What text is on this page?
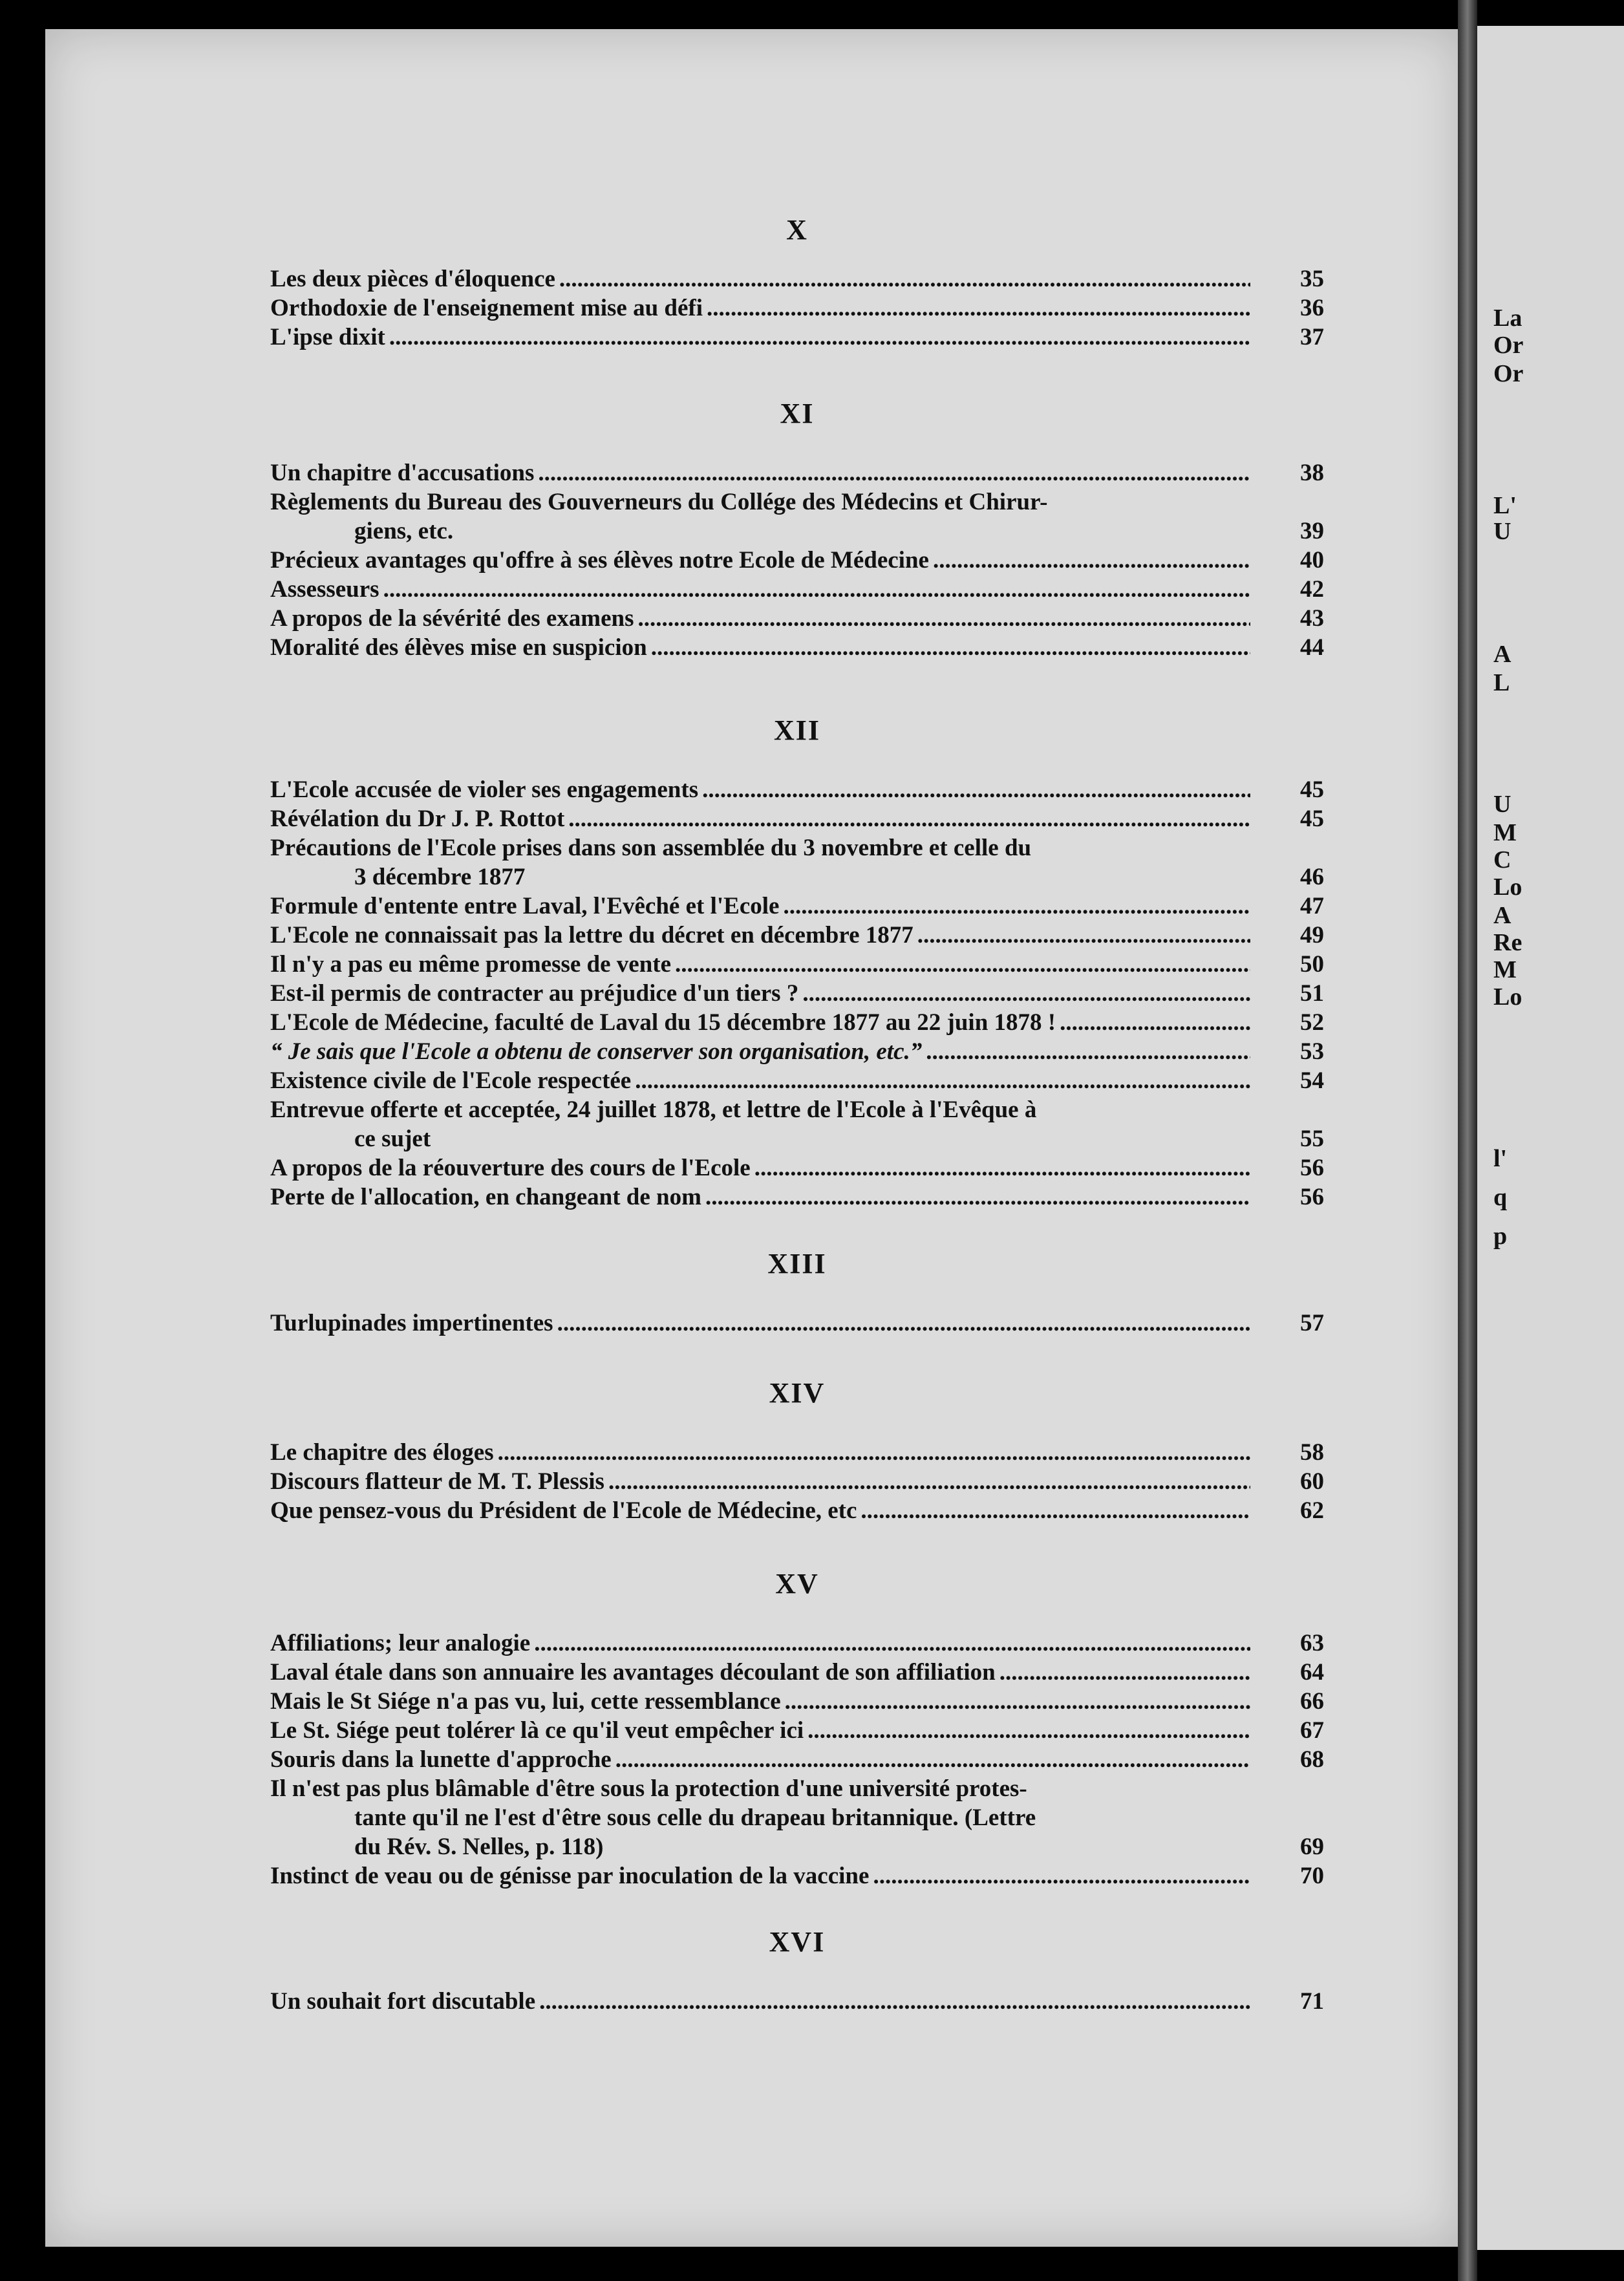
La
Or
Or
L'
U
A
L
U
M
C
Lo
A
Re
M
Lo
l'
q
p
X
Les deux pièces d'éloquence .....	35
Orthodoxie de l'enseignement mise au défi .....	36
L'ipse dixit .....	37
XI
Un chapitre d'accusations .....	38
Règlements du Bureau des Gouverneurs du Collége des Médecins et Chirur-
giens, etc.
.....	39
Précieux avantages qu'offre à ses élèves notre Ecole de Médecine .....	40
Assesseurs .....	42
A propos de la sévérité des examens .....	43
Moralité des élèves mise en suspicion .....	44
XII
L'Ecole accusée de violer ses engagements .....	45
Révélation du Dr J. P. Rottot .....	45
Précautions de l'Ecole prises dans son assemblée du 3 novembre et celle du
3 décembre 1877
.....	46
Formule d'entente entre Laval, l'Evêché et l'Ecole .....	47
L'Ecole ne connaissait pas la lettre du décret en décembre 1877 .....	49
Il n'y a pas eu même promesse de vente .....	50
Est-il permis de contracter au préjudice d'un tiers ? .....	51
L'Ecole de Médecine, faculté de Laval du 15 décembre 1877 au 22 juin 1878 ! .....	52
“ Je sais que l'Ecole a obtenu de conserver son organisation, etc.” .....	53
Existence civile de l'Ecole respectée .....	54
Entrevue offerte et acceptée, 24 juillet 1878, et lettre de l'Ecole à l'Evêque à
ce sujet
.....	55
A propos de la réouverture des cours de l'Ecole .....	56
Perte de l'allocation, en changeant de nom .....	56
XIII
Turlupinades impertinentes .....	57
XIV
Le chapitre des éloges .....	58
Discours flatteur de M. T. Plessis .....	60
Que pensez-vous du Président de l'Ecole de Médecine, etc .....	62
XV
Affiliations; leur analogie .....	63
Laval étale dans son annuaire les avantages découlant de son affiliation .....	64
Mais le St Siége n'a pas vu, lui, cette ressemblance .....	66
Le St. Siége peut tolérer là ce qu'il veut empêcher ici .....	67
Souris dans la lunette d'approche .....	68
Il n'est pas plus blâmable d'être sous la protection d'une université protes-
tante qu'il ne l'est d'être sous celle du drapeau britannique. (Lettre
du Rév. S. Nelles, p. 118)
.....	69
Instinct de veau ou de génisse par inoculation de la vaccine .....	70
XVI
Un souhait fort discutable .....	71
